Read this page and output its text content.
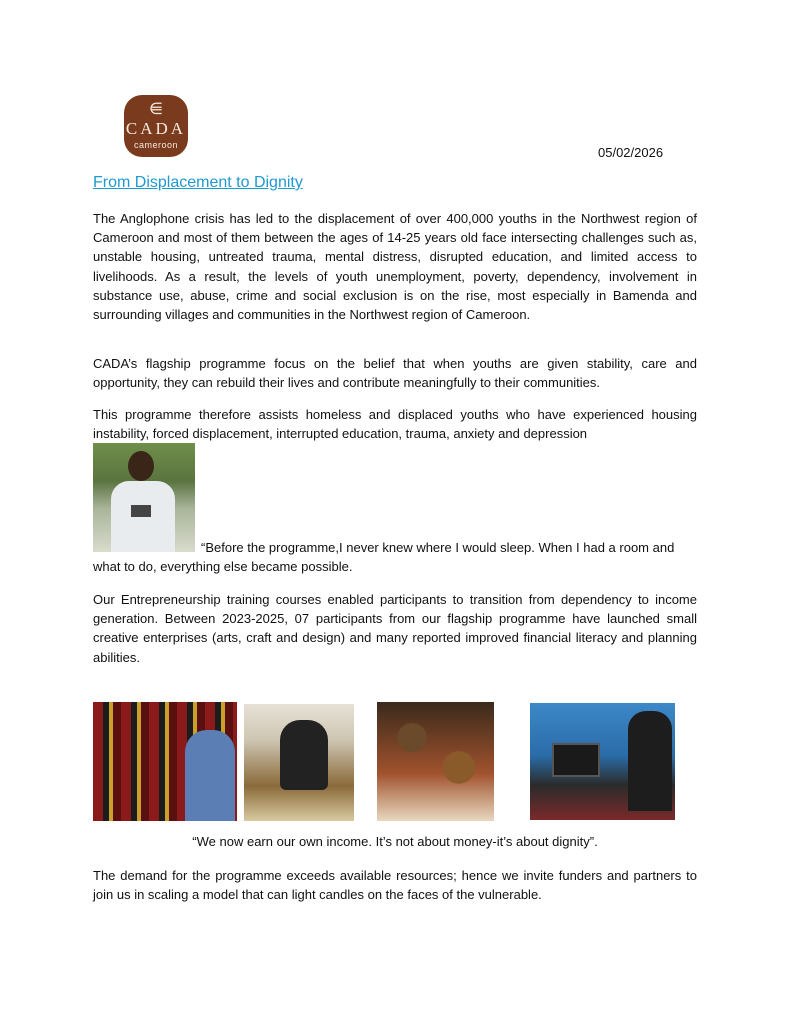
⋹
CADA
cameroon	05/02/2026
From Displacement to Dignity

The Anglophone crisis has led to the displacement of over 400,000 youths in the Northwest region of Cameroon and most of them between the ages of 14-25 years old face intersecting challenges such as, unstable housing, untreated trauma, mental distress, disrupted education, and limited access to livelihoods. As a result, the levels of youth unemployment, poverty, dependency, involvement in substance use, abuse, crime and social exclusion is on the rise, most especially in Bamenda and surrounding villages and communities in the Northwest region of Cameroon.

CADA’s flagship programme focus on the belief that when youths are given stability, care and opportunity, they can rebuild their lives and contribute meaningfully to their communities.

This programme therefore assists homeless and displaced youths who have experienced housing instability, forced displacement, interrupted education, trauma, anxiety and depression

“Before the programme,I never knew where I would sleep. When I had a room and what to do, everything else became possible.

Our Entrepreneurship training courses enabled participants to transition from dependency to income generation. Between 2023-2025, 07 participants from our flagship programme have launched small creative enterprises (arts, craft and design) and many reported improved financial literacy and planning abilities.

“We now earn our own income. It’s not about money-it’s about dignity”.

The demand for the programme exceeds available resources; hence we invite funders and partners to join us in scaling a model that can light candles on the faces of the vulnerable.
